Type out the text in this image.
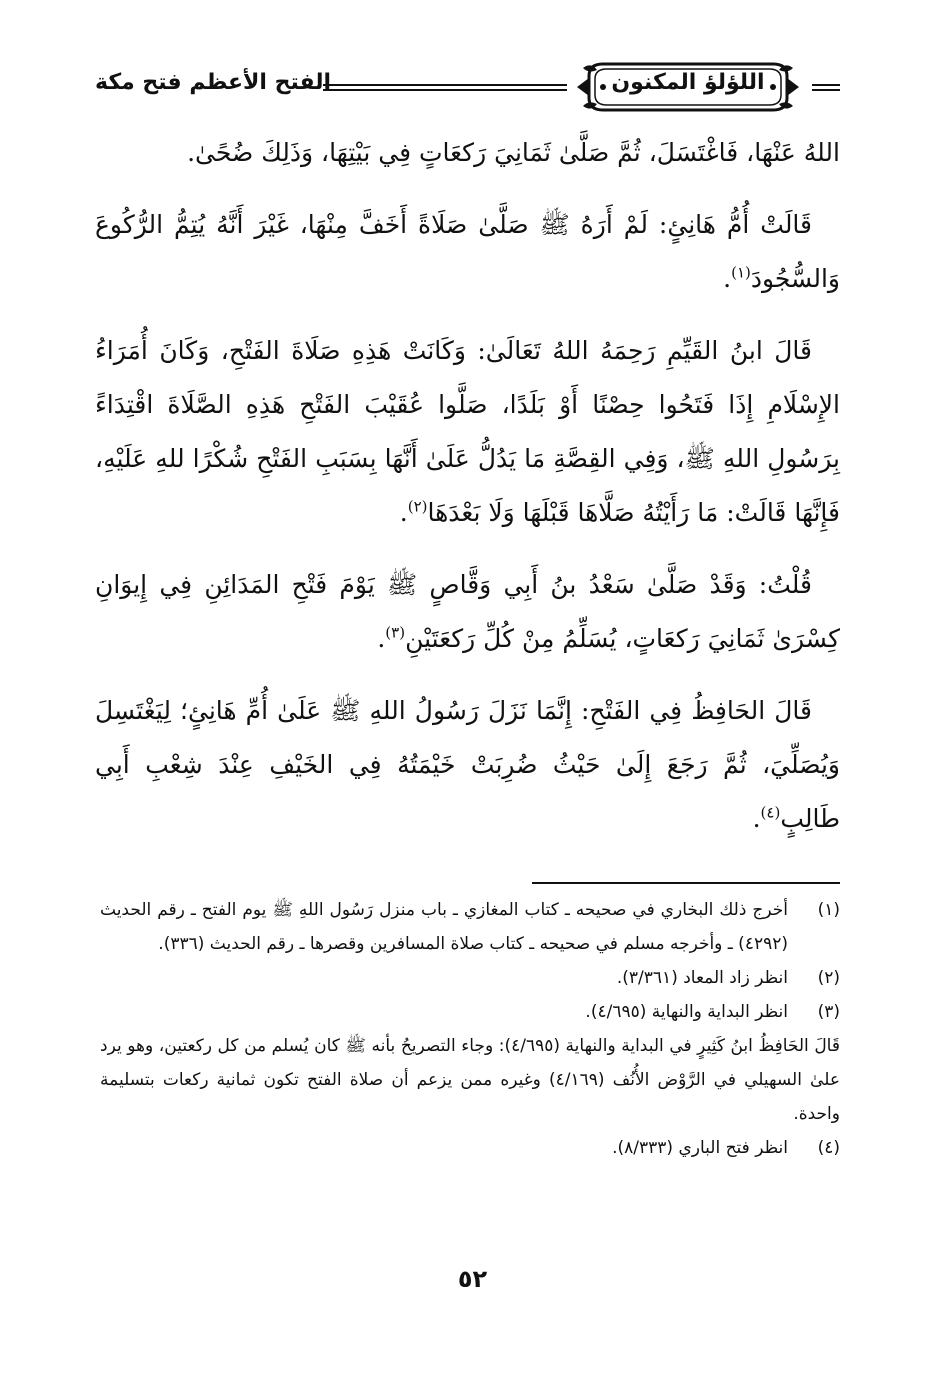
اللؤلؤ المكنون
الفتح الأعظم فتح مكة

اللهُ عَنْهَا، فَاغْتَسَلَ، ثُمَّ صَلَّىٰ ثَمَانِيَ رَكعَاتٍ فِي بَيْتِهَا، وَذَلِكَ ضُحًىٰ.

قَالَتْ أُمُّ هَانِئٍ: لَمْ أَرَهُ ﷺ صَلَّىٰ صَلَاةً أَخَفَّ مِنْهَا، غَيْرَ أَنَّهُ يُتِمُّ الرُّكُوعَ وَالسُّجُودَ$^{(١)}$.

قَالَ ابنُ القَيِّمِ رَحِمَهُ اللهُ تَعَالَىٰ: وَكَانَتْ هَذِهِ صَلَاةَ الفَتْحِ، وَكَانَ أُمَرَاءُ الإِسْلَامِ إِذَا فَتَحُوا حِصْنًا أَوْ بَلَدًا، صَلَّوا عُقَيْبَ الفَتْحِ هَذِهِ الصَّلَاةَ اقْتِدَاءً بِرَسُولِ اللهِ ﷺ، وَفِي القِصَّةِ مَا يَدُلُّ عَلَىٰ أَنَّهَا بِسَبَبِ الفَتْحِ شُكْرًا للهِ عَلَيْهِ، فَإِنَّهَا قَالَتْ: مَا رَأَيْتُهُ صَلَّاهَا قَبْلَهَا وَلَا بَعْدَهَا$^{(٢)}$.

قُلْتُ: وَقَدْ صَلَّىٰ سَعْدُ بنُ أَبِي وَقَّاصٍ ﷺ يَوْمَ فَتْحِ المَدَائِنِ فِي إِيوَانِ كِسْرَىٰ ثَمَانِيَ رَكعَاتٍ، يُسَلِّمُ مِنْ كُلِّ رَكعَتَيْنِ$^{(٣)}$.

قَالَ الحَافِظُ فِي الفَتْحِ: إِنَّمَا نَزَلَ رَسُولُ اللهِ ﷺ عَلَىٰ أُمِّ هَانِئٍ؛ لِيَغْتَسِلَ وَيُصَلِّيَ، ثُمَّ رَجَعَ إِلَىٰ حَيْثُ ضُرِبَتْ خَيْمَتُهُ فِي الخَيْفِ عِنْدَ شِعْبِ أَبِي طَالِبٍ$^{(٤)}$.

(١)
أخرج ذلك البخاري في صحيحه ـ كتاب المغازي ـ باب منزل رَسُول اللهِ ﷺ يوم الفتح ـ رقم الحديث (٤٢٩٢) ـ وأخرجه مسلم في صحيحه ـ كتاب صلاة المسافرين وقصرها ـ رقم الحديث (٣٣٦).
(٢)
انظر زاد المعاد (٣/٣٦١).
(٣)
انظر البداية والنهاية (٤/٦٩٥).
قَالَ الحَافِظُ ابنُ كَثِيرٍ في البداية والنهاية (٤/٦٩٥): وجاء التصريحُ بأنه ﷺ كان يُسلم من كل ركعتين، وهو يرد علىٰ السهيلي في الرَّوْض الأُنُف (٤/١٦٩) وغيره ممن يزعم أن صلاة الفتح تكون ثمانية ركعات بتسليمة واحدة.
(٤)
انظر فتح الباري (٨/٣٣٣).
٥٢
